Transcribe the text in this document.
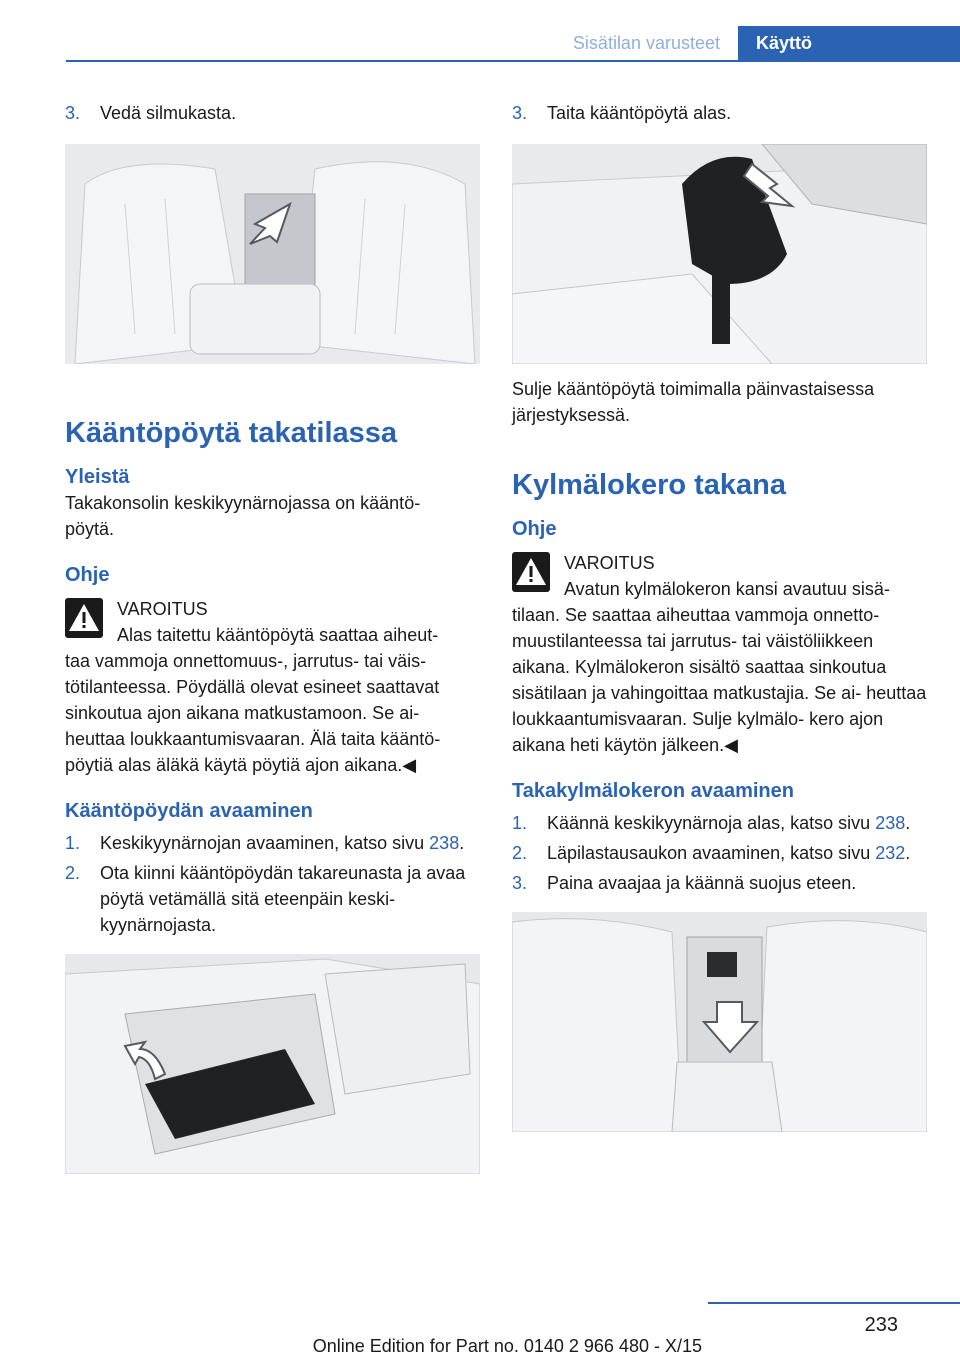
Sisätilan varusteet	Käyttö
3. Vedä silmukasta.
Kääntöpöytä takatilassa
Yleistä
Takakonsolin keskikyynärnojassa on kääntö- pöytä.
Ohje
VAROITUS
Alas taitettu kääntöpöytä saattaa aiheut-
taa vammoja onnettomuus-, jarrutus- tai väis- tötilanteessa. Pöydällä olevat esineet saattavat sinkoutua ajon aikana matkustamoon. Se ai- heuttaa loukkaantumisvaaran. Älä taita kääntö- pöytiä alas äläkä käytä pöytiä ajon aikana.◀
Kääntöpöydän avaaminen
1. Keskikyynärnojan avaaminen, katso sivu 238.
2. Ota kiinni kääntöpöydän takareunasta ja avaa pöytä vetämällä sitä eteenpäin keski- kyynärnojasta.
3. Taita kääntöpöytä alas.
Sulje kääntöpöytä toimimalla päinvastaisessa järjestyksessä.
Kylmälokero takana
Ohje
VAROITUS
Avatun kylmälokeron kansi avautuu sisä-
tilaan. Se saattaa aiheuttaa vammoja onnetto- muustilanteessa tai jarrutus- tai väistöliikkeen aikana. Kylmälokeron sisältö saattaa sinkoutua sisätilaan ja vahingoittaa matkustajia. Se ai- heuttaa loukkaantumisvaaran. Sulje kylmälo- kero ajon aikana heti käytön jälkeen.◀
Takakylmälokeron avaaminen
1. Käännä keskikyynärnoja alas, katso sivu 238.
2. Läpilastausaukon avaaminen, katso sivu 232.
3. Paina avaajaa ja käännä suojus eteen.
233
Online Edition for Part no. 0140 2 966 480 - X/15
